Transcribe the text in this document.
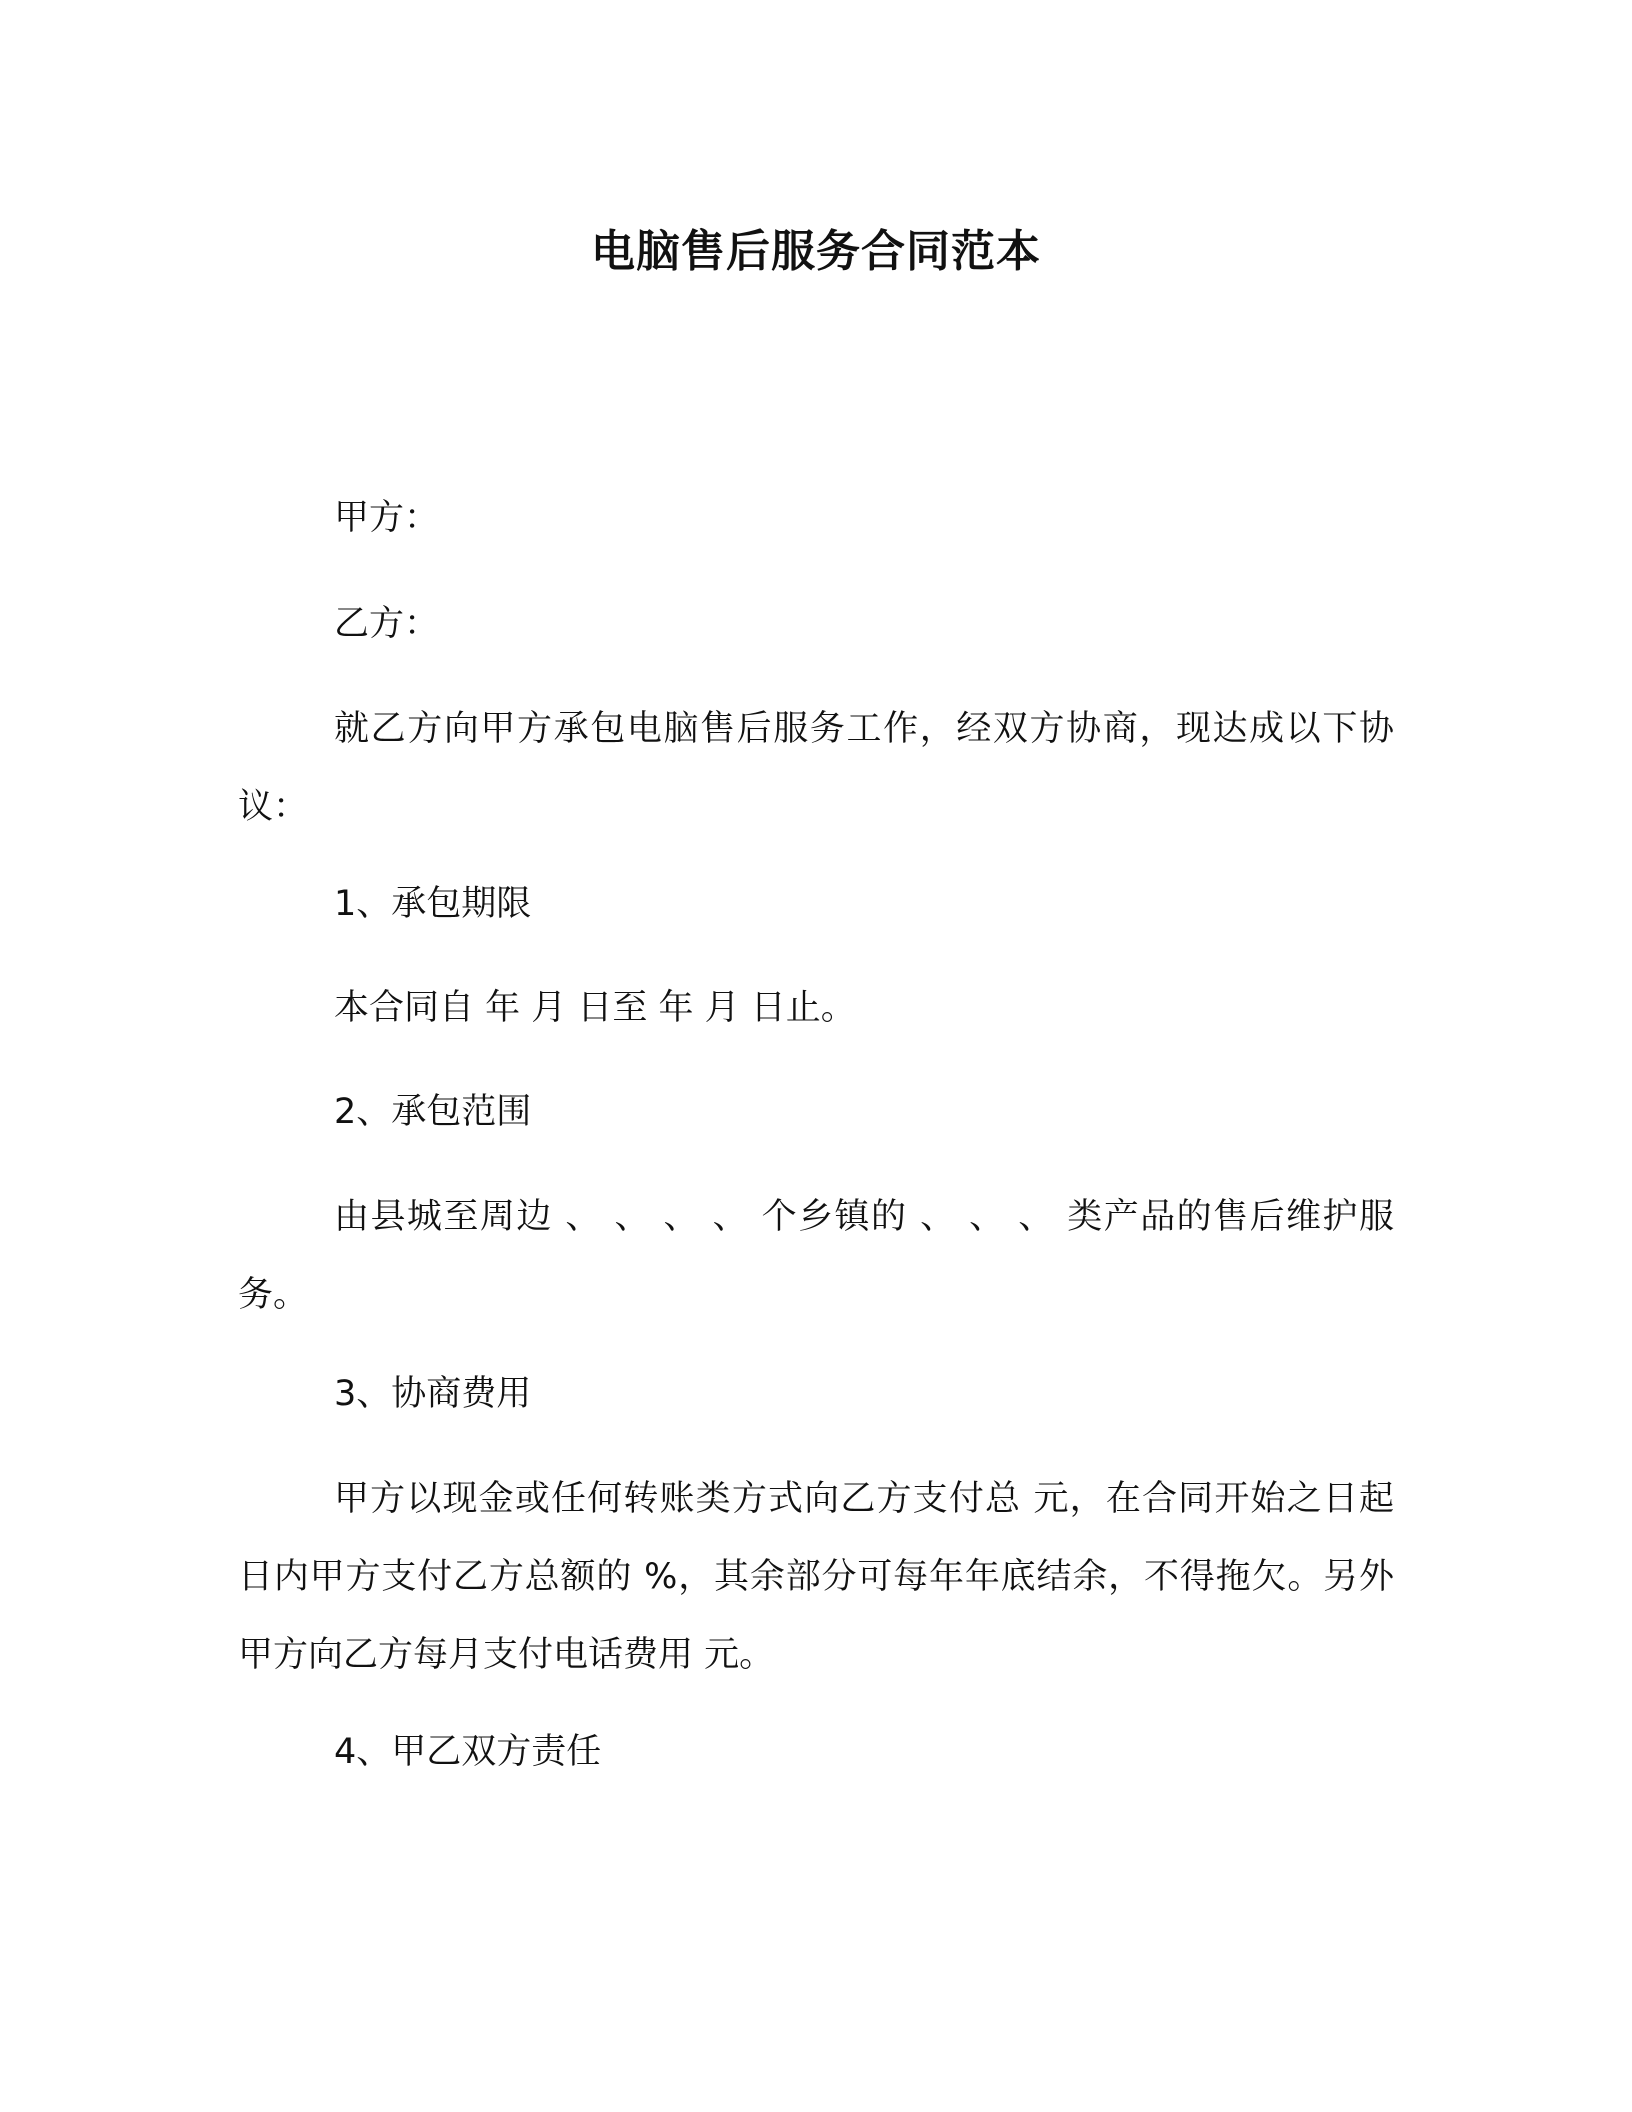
电脑售后服务合同范本
甲方：
乙方：
就乙方向甲方承包电脑售后服务工作，经双方协商，现达成以下协议：
1、承包期限
本合同自 年 月 日至 年 月 日止。
2、承包范围
由县城至周边 、 、 、 、 个乡镇的 、 、 、 类产品的售后维护服务。
3、协商费用
甲方以现金或任何转账类方式向乙方支付总 元，在合同开始之日起 日内甲方支付乙方总额的 %，其余部分可每年年底结余，不得拖欠。另外甲方向乙方每月支付电话费用 元。
4、甲乙双方责任
